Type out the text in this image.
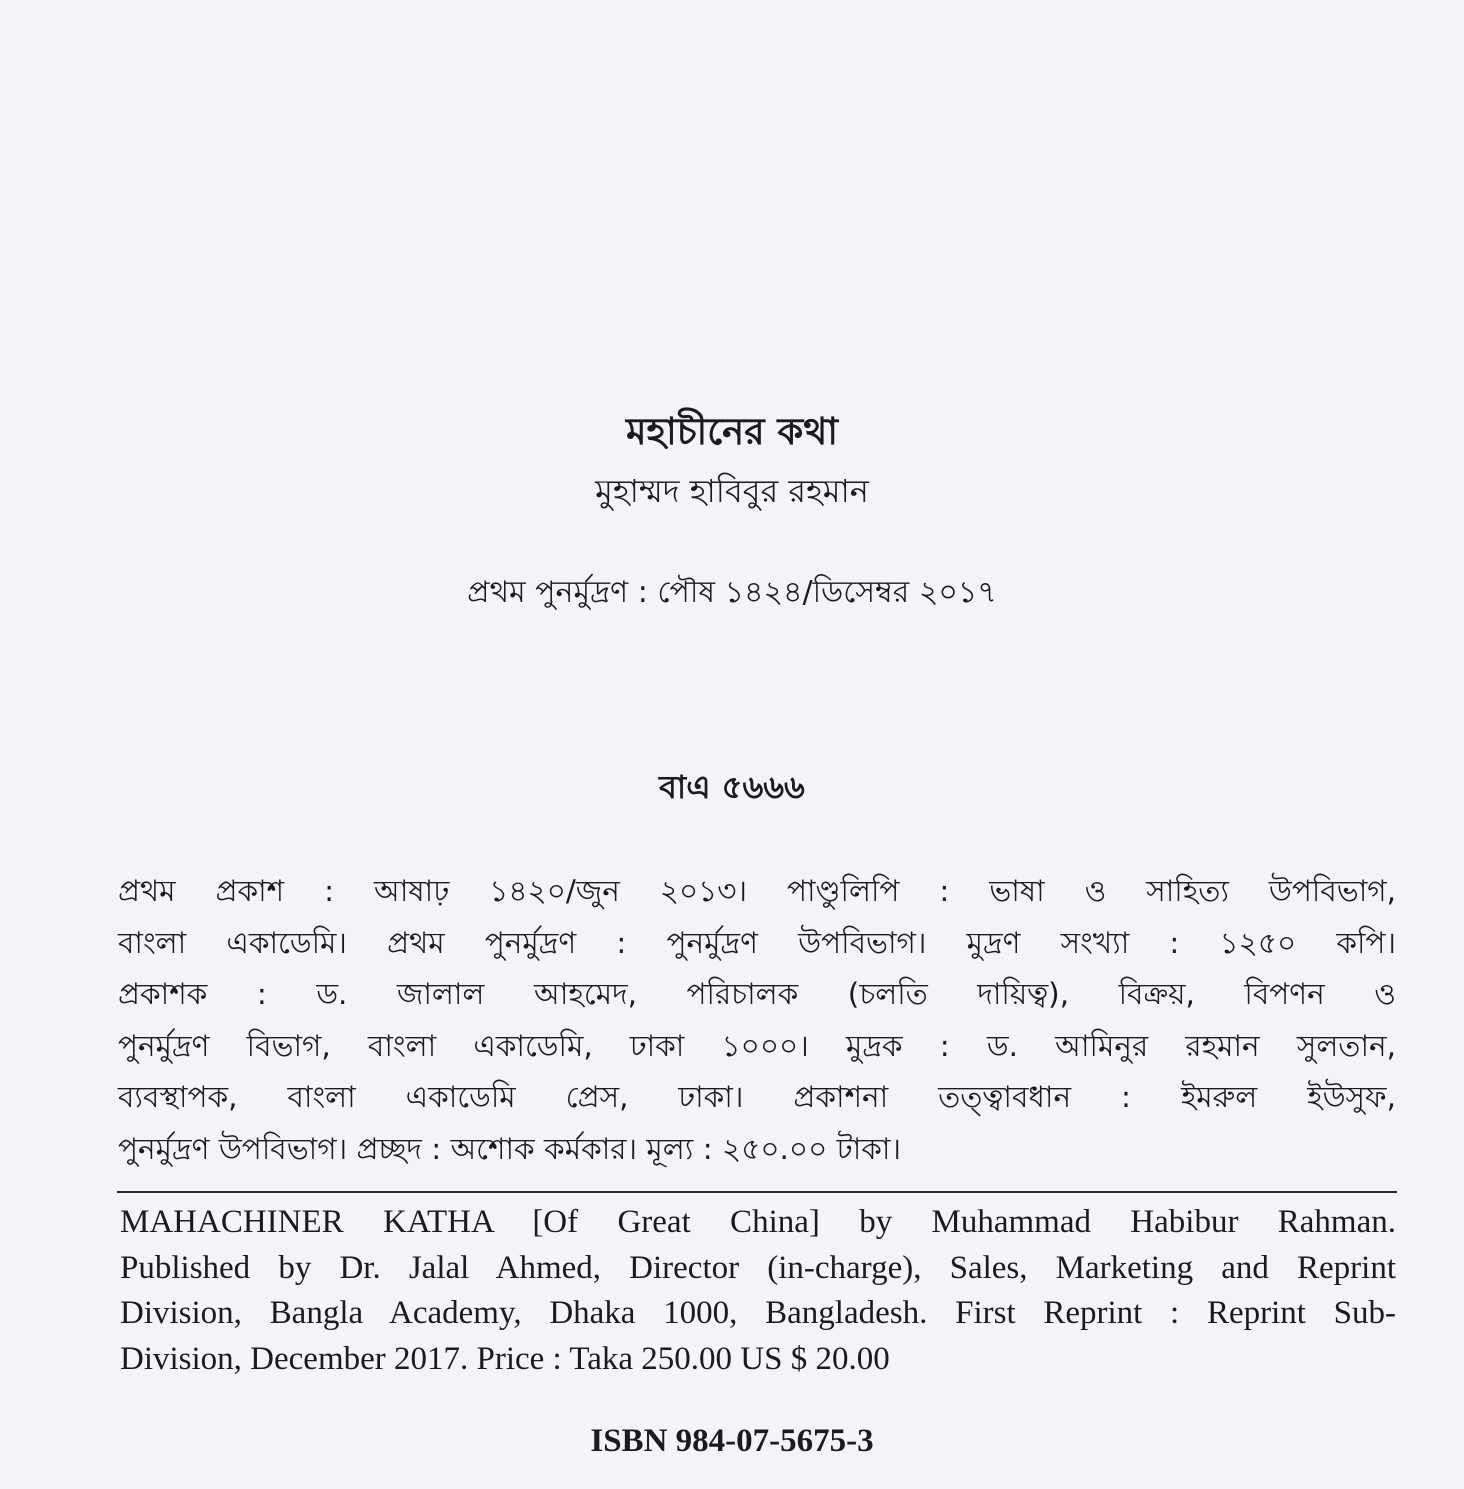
মহাচীনের কথা
মুহাম্মদ হাবিবুর রহমান
প্রথম পুনর্মুদ্রণ : পৌষ ১৪২৪/ডিসেম্বর ২০১৭
বাএ ৫৬৬৬
প্রথম প্রকাশ : আষাঢ় ১৪২০/জুন ২০১৩। পাণ্ডুলিপি : ভাষা ও সাহিত্য উপবিভাগ,
বাংলা একাডেমি। প্রথম পুনর্মুদ্রণ : পুনর্মুদ্রণ উপবিভাগ। মুদ্রণ সংখ্যা : ১২৫০ কপি।
প্রকাশক : ড. জালাল আহমেদ, পরিচালক (চলতি দায়িত্ব), বিক্রয়, বিপণন ও
পুনর্মুদ্রণ বিভাগ, বাংলা একাডেমি, ঢাকা ১০০০। মুদ্রক : ড. আমিনুর রহমান সুলতান,
ব্যবস্থাপক, বাংলা একাডেমি প্রেস, ঢাকা। প্রকাশনা তত্ত্বাবধান : ইমরুল ইউসুফ,
পুনর্মুদ্রণ উপবিভাগ। প্রচ্ছদ : অশোক কর্মকার। মূল্য : ২৫০.০০ টাকা।
MAHACHINER KATHA [Of Great China] by Muhammad Habibur Rahman.
Published by Dr. Jalal Ahmed, Director (in-charge), Sales, Marketing and Reprint
Division, Bangla Academy, Dhaka 1000, Bangladesh. First Reprint : Reprint Sub-
Division, December 2017. Price : Taka 250.00 US $ 20.00
ISBN 984-07-5675-3
